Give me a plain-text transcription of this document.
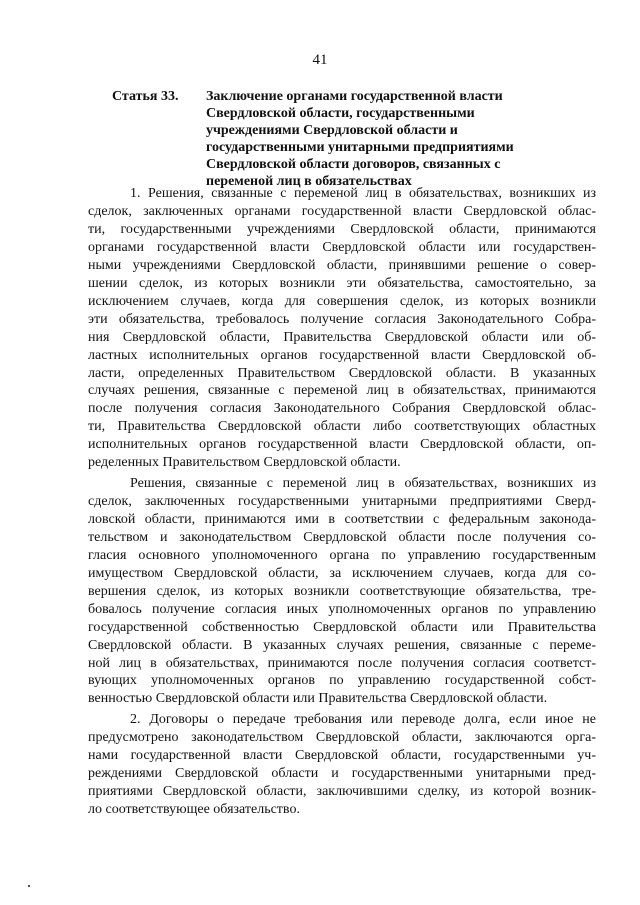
41
Статья 33.	Заключение органами государственной власти
Свердловской области, государственными
учреждениями Свердловской области и
государственными унитарными предприятиями
Свердловской области договоров, связанных с
переменой лиц в обязательствах
1. Решения, связанные с переменой лиц в обязательствах, возникших из
сделок, заключенных органами государственной власти Свердловской облас-
ти, государственными учреждениями Свердловской области, принимаются
органами государственной власти Свердловской области или государствен-
ными учреждениями Свердловской области, принявшими решение о совер-
шении сделок, из которых возникли эти обязательства, самостоятельно, за
исключением случаев, когда для совершения сделок, из которых возникли
эти обязательства, требовалось получение согласия Законодательного Собра-
ния Свердловской области, Правительства Свердловской области или об-
ластных исполнительных органов государственной власти Свердловской об-
ласти, определенных Правительством Свердловской области. В указанных
случаях решения, связанные с переменой лиц в обязательствах, принимаются
после получения согласия Законодательного Собрания Свердловской облас-
ти, Правительства Свердловской области либо соответствующих областных
исполнительных органов государственной власти Свердловской области, оп-
ределенных Правительством Свердловской области.
Решения, связанные с переменой лиц в обязательствах, возникших из
сделок, заключенных государственными унитарными предприятиями Сверд-
ловской области, принимаются ими в соответствии с федеральным законода-
тельством и законодательством Свердловской области после получения со-
гласия основного уполномоченного органа по управлению государственным
имуществом Свердловской области, за исключением случаев, когда для со-
вершения сделок, из которых возникли соответствующие обязательства, тре-
бовалось получение согласия иных уполномоченных органов по управлению
государственной собственностью Свердловской области или Правительства
Свердловской области. В указанных случаях решения, связанные с переме-
ной лиц в обязательствах, принимаются после получения согласия соответст-
вующих уполномоченных органов по управлению государственной собст-
венностью Свердловской области или Правительства Свердловской области.
2. Договоры о передаче требования или переводе долга, если иное не
предусмотрено законодательством Свердловской области, заключаются орга-
нами государственной власти Свердловской области, государственными уч-
реждениями Свердловской области и государственными унитарными пред-
приятиями Свердловской области, заключившими сделку, из которой возник-
ло соответствующее обязательство.
